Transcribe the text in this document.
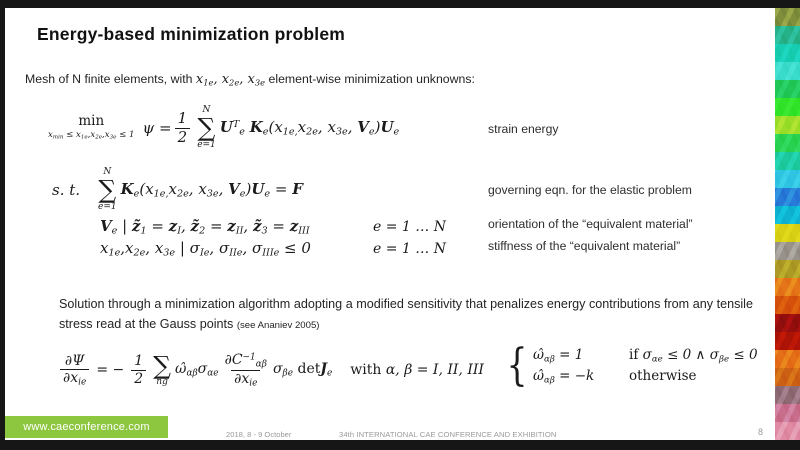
Energy-based minimization problem
Mesh of N finite elements, with $x_{1e}$, $x_{2e}$, $x_{3e}$ element-wise minimization unknowns:
min
$x_{min} \le x_{1e},x_{2e},x_{3e} \le 1$ $\psi = \frac{1}{2}$
N
∑
e=1
$U^T_e$ $K_e(x_{1e,}x_{2e}$, $x_{3e}$, $V_e)U_e$	strain energy
s. t.
N
∑
e=1
$K_e(x_{1e,}x_{2e}$, $x_{3e}$, $V_e)U_e = F$	governing eqn. for the elastic problem
$V_e$ | $z̃_1 = z_I$, $z̃_2 = z_{II}$, $z̃_3 = z_{III}$	e = 1 … N	orientation of the “equivalent material”
$x_{1e},x_{2e}$, $x_{3e}$ | $\sigma_{Ie}$, $\sigma_{IIe}$, $\sigma_{IIIe} \le 0$	e = 1 … N	stiffness of the “equivalent material”
Solution through a minimization algorithm adopting a modified sensitivity that penalizes energy contributions from any tensile stress read at the Gauss points (see Ananiev 2005)
$\frac{\partial\Psi}{\partial x_{ie}}$ = − $\frac{1}{2}$ ∑
ng
$\omegâ_{\alpha\beta}\sigma_{\alpha e} \frac{\partial C^{-1}_{\alpha\beta}}{\partial x_{ie}} \sigma_{\beta e}$ detJ$_e$ with α, β = I, II, III { $\omegâ_{\alpha\beta} = 1$	if $\sigma_{\alpha e} \le 0$ ∧ $\sigma_{\beta e} \le 0$
$\omegâ_{\alpha\beta} = -k$	otherwise
2018, 8 - 9 October	34th INTERNATIONAL CAE CONFERENCE AND EXHIBITION	8
www.caeconference.com
